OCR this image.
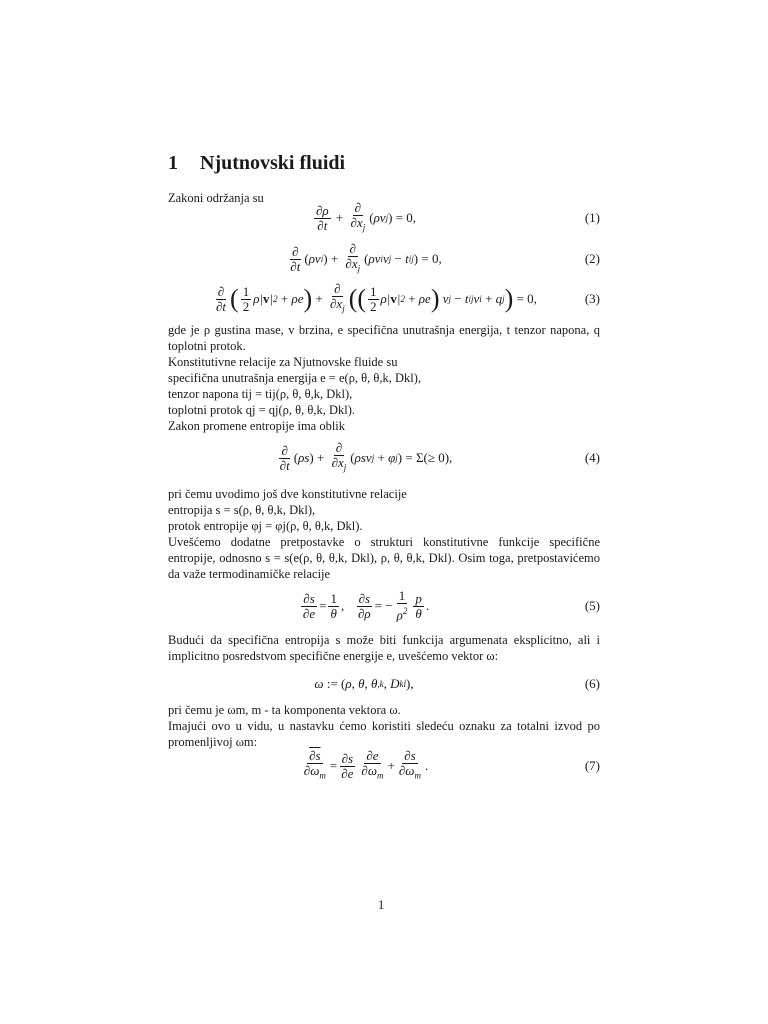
1 Njutnovski fluidi
Zakoni održanja su
$\frac{\partial\rho}{\partial t}$
+
$\frac{\partial}{\partial x_j}$ ( ρv j ) = 0,	(1)
$\frac{\partial}{\partial t}$ ( ρv i )
+
$\frac{\partial}{\partial x_j}$ ( ρv i v j
− t ij ) = 0,	(2)
$\frac{\partial}{\partial t}$ ( $\frac{1}{2} \rho|$ v | 2
+ ρe )
+
$\frac{\partial}{\partial x_j}$ (( $\frac{1}{2} \rho|$ v | 2
+ ρe ) v j
− t ij v i
+ q j )
= 0,	(3)
gde je ρ gustina mase, v brzina, e specifična unutrašnja energija, t tenzor napona, q toplotni protok.
Konstitutivne relacije za Njutnovske fluide su
specifična unutrašnja energija e = e(ρ, θ, θ,k, Dkl),
tenzor napona tij = tij(ρ, θ, θ,k, Dkl),
toplotni protok qj = qj(ρ, θ, θ,k, Dkl).
Zakon promene entropije ima oblik
$\frac{\partial}{\partial t}$ ( ρs )
+
$\frac{\partial}{\partial x_j}$ ( ρsv j
+ φ j ) = Σ(≥ 0),	(4)
pri čemu uvodimo još dve konstitutivne relacije
entropija s = s(ρ, θ, θ,k, Dkl),
protok entropije φj = φj(ρ, θ, θ,k, Dkl).
Uvešćemo dodatne pretpostavke o strukturi konstitutivne funkcije specifične entropije, odnosno s = s(e(ρ, θ, θ,k, Dkl), ρ, θ, θ,k, Dkl). Osim toga, pretpostavićemo da važe termodinamičke relacije
$\frac{\partial s}{\partial e} = \frac{1}{\theta}$ ,
$\frac{\partial s}{\partial\rho}$ = − $\frac{1}{\rho^2} \frac{p}{\theta}$ .	(5)
Budući da specifična entropija s može biti funkcija argumenata eksplicitno, ali i implicitno posredstvom specifične energije e, uvešćemo vektor ω:
ω := ( ρ, θ, θ ,k , D kl ),	(6)
pri čemu je ωm, m - ta komponenta vektora ω.
Imajući ovo u vidu, u nastavku ćemo koristiti sledeću oznaku za totalni izvod po promenljivoj ωm:
$\frac{\partial s}{\partial\omega_m} = \frac{\partial s}{\partial e} \frac{\partial e}{\partial\omega_m} + \frac{\partial s}{\partial\omega_m}$ .	(7)
1
